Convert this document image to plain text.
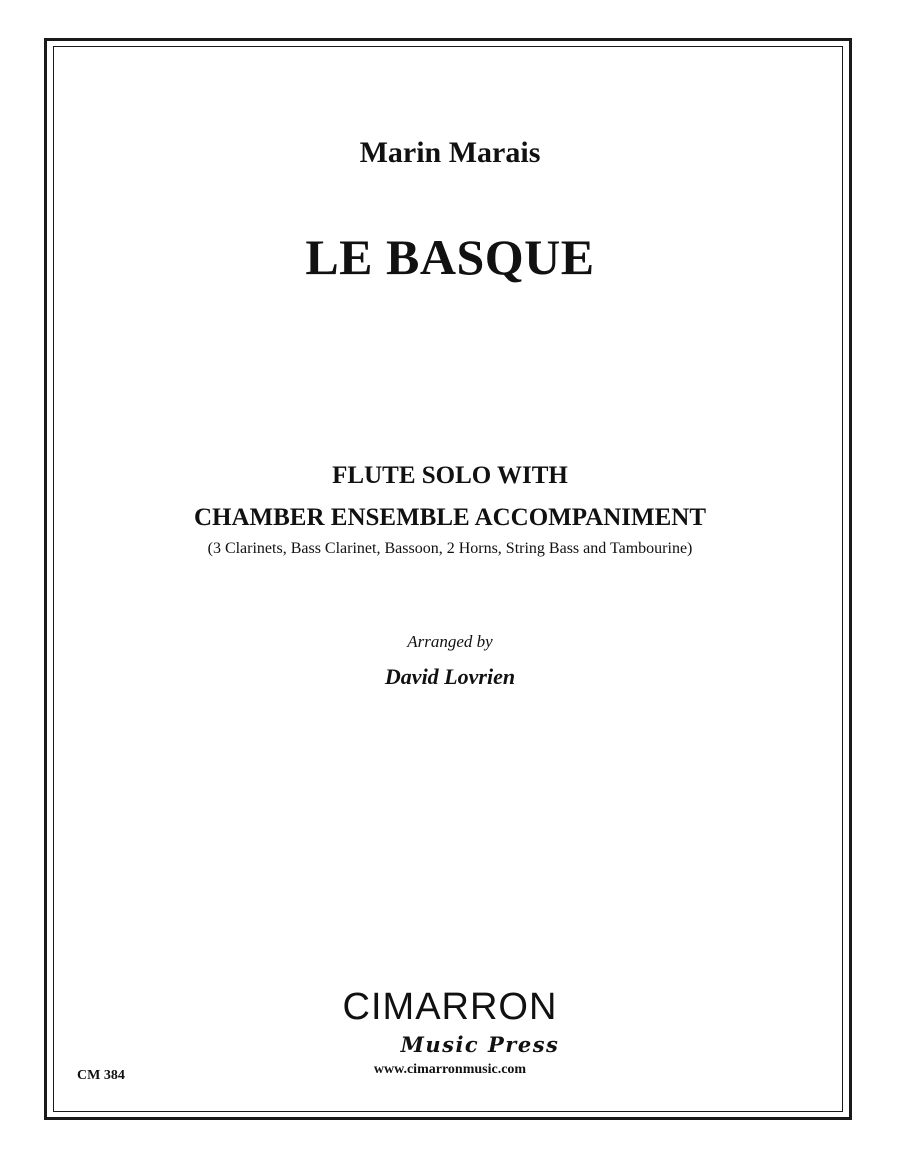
Marin Marais
LE BASQUE
FLUTE SOLO WITH
CHAMBER ENSEMBLE ACCOMPANIMENT
(3 Clarinets, Bass Clarinet, Bassoon, 2 Horns, String Bass and Tambourine)
Arranged by
David Lovrien
CM 384
CIMARRON
Music Press
www.cimarronmusic.com
